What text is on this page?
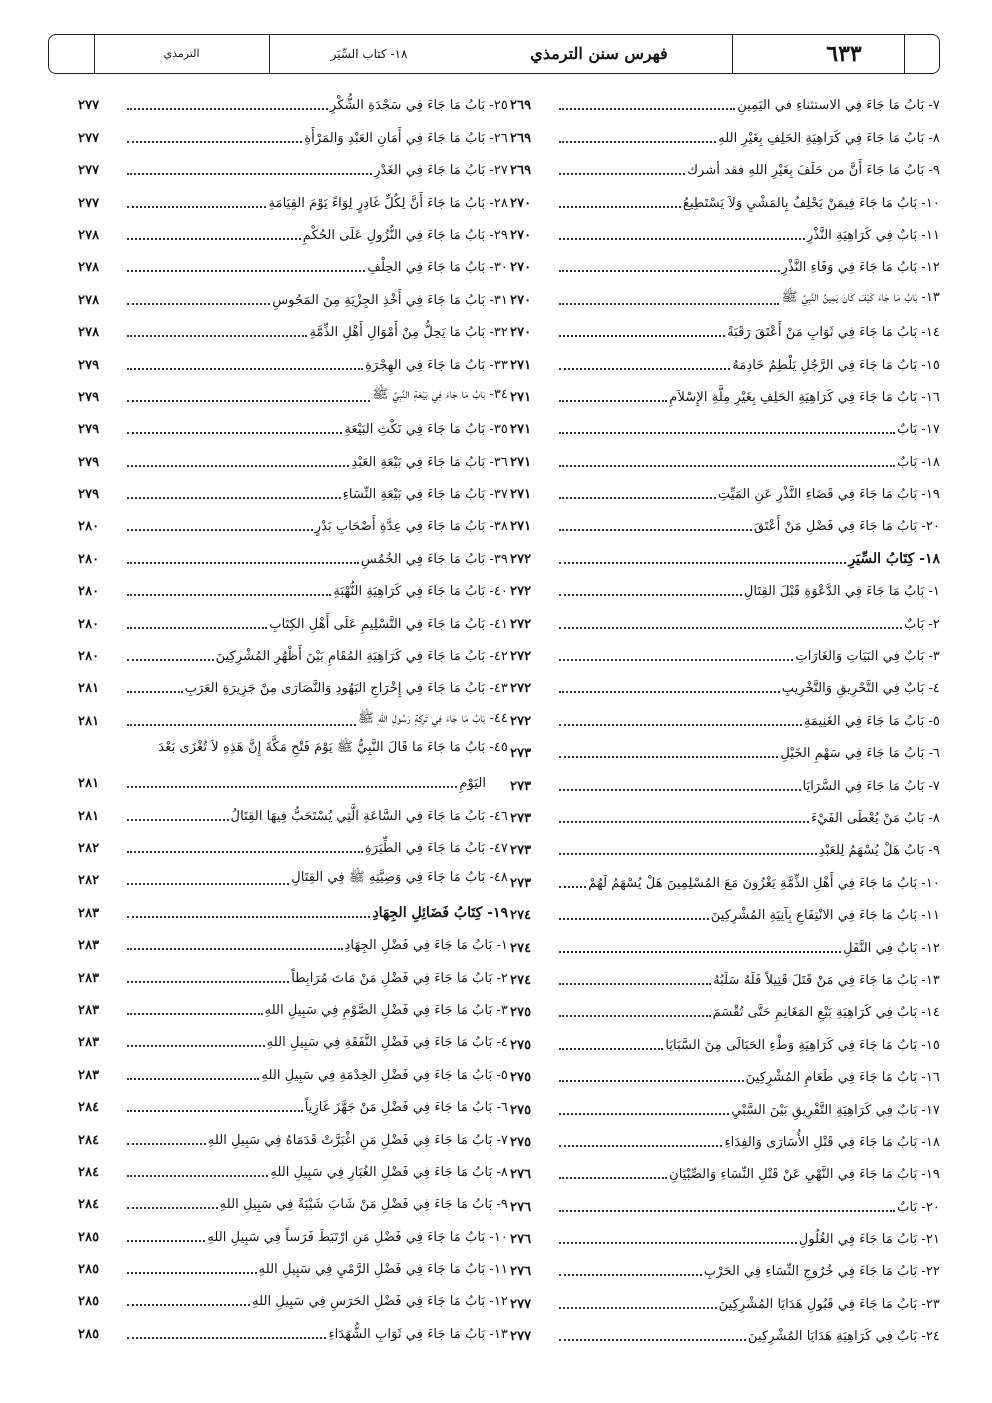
٦٣٣
فهرس سنن الترمذي
١٨- كتاب السِّيَر
الترمذي
٧- بَابُ مَا جَاءَ فِي الاستثناءِ في اليَمِينِ
٢٦٩
٨- بَابُ مَا جَاءَ فِي كَرَاهِيَةِ الحَلِفِ بِغَيْرِ اللهِ
٢٦٩
٩- بَابُ مَا جَاءَ أَنَّ من حَلَفَ بِغَيْرِ اللهِ فقد أشرك
٢٦٩
١٠- بَابُ مَا جَاءَ فِيمَنْ يَحْلِفُ بِالمَشْيِ وَلاَ يَسْتَطِيعُ
٢٧٠
١١- بَابٌ فِي كَرَاهِيَةِ النَّذْرِ
٢٧٠
١٢- بَابُ مَا جَاءَ فِي وَفَاءِ النَّذْرِ
٢٧٠
١٣- بَابُ مَا جَاءَ كَيْفَ كَانَ يَمِينُ النَّبِيِّ ﷺ
٢٧٠
١٤- بَابُ مَا جَاءَ فِي ثَوَابِ مَنْ أَعْتَقَ رَقَبَةً
٢٧٠
١٥- بَابُ مَا جَاءَ فِي الرَّجُلِ يَلْطِمُ خَادِمَهُ
٢٧١
١٦- بَابُ مَا جَاءَ فِي كَرَاهِيَةِ الحَلِفِ بِغَيْرِ مِلَّةِ الإِسْلاَمِ
٢٧١
١٧- بَابٌ
٢٧١
١٨- بَابٌ
٢٧١
١٩- بَابُ مَا جَاءَ فِي قَضَاءِ النَّذْرِ عَنِ المَيِّتِ
٢٧١
٢٠- بَابُ مَا جَاءَ فِي فَضْلِ مَنْ أَعْتَقَ
٢٧١
١٨- كِتَابُ السِّيَرِ
٢٧٢
١- بَابُ مَا جَاءَ فِي الدَّعْوَةِ قَبْلَ القِتَالِ
٢٧٢
٢- بَابٌ
٢٧٢
٣- بَابٌ فِي البَيَاتِ وَالغَارَاتِ
٢٧٢
٤- بَابٌ فِي التَّحْرِيقِ وَالتَّخْرِيبِ
٢٧٢
٥- بَابُ مَا جَاءَ فِي الغَنِيمَةِ
٢٧٢
٦- بَابُ مَا جَاءَ فِي سَهْمِ الخَيْلِ
٢٧٣
٧- بَابُ مَا جَاءَ فِي السَّرَايَا
٢٧٣
٨- بَابُ مَنْ يُعْطَى الفَيْءَ
٢٧٣
٩- بَابُ هَلْ يُسْهَمُ لِلعَبْدِ
٢٧٣
١٠- بَابُ مَا جَاءَ فِي أَهْلِ الذِّمَّةِ يَغْزُونَ مَعَ المُسْلِمِينَ هَلْ يُسْهَمُ لَهُمْ
٢٧٣
١١- بَابُ مَا جَاءَ فِي الانْتِفَاعِ بِآنِيَةِ المُشْرِكِينَ
٢٧٤
١٢- بَابٌ فِي النَّفَلِ
٢٧٤
١٣- بَابُ مَا جَاءَ فِي مَنْ قَتَلَ قَتِيلاً فَلَهُ سَلَبُهُ
٢٧٤
١٤- بَابٌ فِي كَرَاهِيَةِ بَيْعِ المَغَانِمِ حَتَّى تُقْسَمَ
٢٧٥
١٥- بَابُ مَا جَاءَ فِي كَرَاهِيَةِ وَطْءِ الحَبَالَى مِنَ السَّبَايَا
٢٧٥
١٦- بَابُ مَا جَاءَ فِي طَعَامِ المُشْرِكِينَ
٢٧٥
١٧- بَابٌ فِي كَرَاهِيَةِ التَّفْرِيقِ بَيْنَ السَّبْيِ
٢٧٥
١٨- بَابُ مَا جَاءَ فِي قَتْلِ الأُسَارَى وَالفِدَاءِ
٢٧٥
١٩- بَابُ مَا جَاءَ فِي النَّهْيِ عَنْ قَتْلِ النِّسَاءِ وَالصِّبْيَانِ
٢٧٦
٢٠- بَابٌ
٢٧٦
٢١- بَابُ مَا جَاءَ فِي الغُلُولِ
٢٧٦
٢٢- بَابُ مَا جَاءَ فِي خُرُوجِ النِّسَاءِ فِي الحَرْبِ
٢٧٦
٢٣- بَابُ مَا جَاءَ فِي قَبُولِ هَدَايَا المُشْرِكِينَ
٢٧٧
٢٤- بَابٌ فِي كَرَاهِيَةِ هَدَايَا المُشْرِكِينَ
٢٧٧
٢٥- بَابُ مَا جَاءَ فِي سَجْدَةِ الشُّكْرِ
٢٧٧
٢٦- بَابُ مَا جَاءَ فِي أَمَانِ العَبْدِ وَالمَرْأَةِ
٢٧٧
٢٧- بَابُ مَا جَاءَ فِي الغَدْرِ
٢٧٧
٢٨- بَابُ مَا جَاءَ أَنَّ لِكُلِّ غَادِرٍ لِوَاءً يَوْمَ القِيَامَةِ
٢٧٧
٢٩- بَابُ مَا جَاءَ فِي النُّزُولِ عَلَى الحُكْمِ
٢٧٨
٣٠- بَابُ مَا جَاءَ فِي الحِلْفِ
٢٧٨
٣١- بَابُ مَا جَاءَ فِي أَخْذِ الجِزْيَةِ مِنَ المَجُوسِ
٢٧٨
٣٢- بَابُ مَا يَحِلُّ مِنْ أَمْوَالِ أَهْلِ الذِّمَّةِ
٢٧٨
٣٣- بَابُ مَا جَاءَ فِي الهِجْرَةِ
٢٧٩
٣٤- بَابُ مَا جَاءَ فِي بَيْعَةِ النَّبِيِّ ﷺ
٢٧٩
٣٥- بَابُ مَا جَاءَ فِي نَكْثِ البَيْعَةِ
٢٧٩
٣٦- بَابُ مَا جَاءَ فِي بَيْعَةِ العَبْدِ
٢٧٩
٣٧- بَابُ مَا جَاءَ فِي بَيْعَةِ النِّسَاءِ
٢٧٩
٣٨- بَابُ مَا جَاءَ فِي عِدَّةِ أَصْحَابِ بَدْرٍ
٢٨٠
٣٩- بَابُ مَا جَاءَ فِي الخُمُسِ
٢٨٠
٤٠- بَابُ مَا جَاءَ فِي كَرَاهِيَةِ النُّهْبَةِ
٢٨٠
٤١- بَابُ مَا جَاءَ فِي التَّسْلِيمِ عَلَى أَهْلِ الكِتَابِ
٢٨٠
٤٢- بَابُ مَا جَاءَ فِي كَرَاهِيَةِ المُقَامِ بَيْنَ أَظْهُرِ المُشْرِكِينَ
٢٨٠
٤٣- بَابُ مَا جَاءَ فِي إِخْرَاجِ اليَهُودِ وَالنَّصَارَى مِنْ جَزِيرَةِ العَرَبِ
٢٨١
٤٤- بَابُ مَا جَاءَ فِي تَرِكَةِ رَسُولِ اللهِ ﷺ
٢٨١
٤٥- بَابُ مَا جَاءَ مَا قَالَ النَّبِيُّ ﷺ يَوْمَ فَتْحِ مَكَّةَ إِنَّ هَذِهِ لاَ تُغْزَى بَعْدَ
اليَوْمِ
٢٨١
٤٦- بَابُ مَا جَاءَ فِي السَّاعَةِ الَّتِي يُسْتَحَبُّ فِيهَا القِتَالُ
٢٨١
٤٧- بَابُ مَا جَاءَ فِي الطِّيَرَةِ
٢٨٢
٤٨- بَابُ مَا جَاءَ فِي وَصِيَّتِهِ ﷺ فِي القِتَالِ
٢٨٢
١٩- كِتَابُ فَضَائِلِ الجِهَادِ
٢٨٣
١- بَابُ مَا جَاءَ فِي فَضْلِ الجِهَادِ
٢٨٣
٢- بَابُ مَا جَاءَ فِي فَضْلِ مَنْ مَاتَ مُرَابِطاً
٢٨٣
٣- بَابُ مَا جَاءَ فِي فَضْلِ الصَّوْمِ فِي سَبِيلِ اللهِ
٢٨٣
٤- بَابُ مَا جَاءَ فِي فَضْلِ النَّفَقَةِ فِي سَبِيلِ اللهِ
٢٨٣
٥- بَابُ مَا جَاءَ فِي فَضْلِ الخِدْمَةِ فِي سَبِيلِ اللهِ
٢٨٣
٦- بَابُ مَا جَاءَ فِي فَضْلِ مَنْ جَهَّزَ غَازِياً
٢٨٤
٧- بَابُ مَا جَاءَ فِي فَضْلِ مَنِ اغْبَرَّتْ قَدَمَاهُ فِي سَبِيلِ اللهِ
٢٨٤
٨- بَابُ مَا جَاءَ فِي فَضْلِ الغُبَارِ فِي سَبِيلِ اللهِ
٢٨٤
٩- بَابُ مَا جَاءَ فِي فَضْلِ مَنْ شَابَ شَيْبَةً فِي سَبِيلِ اللهِ
٢٨٤
١٠- بَابُ مَا جَاءَ فِي فَضْلِ مَنِ ارْتَبَطَ فَرَساً فِي سَبِيلِ اللهِ
٢٨٥
١١- بَابُ مَا جَاءَ فِي فَضْلِ الرَّمْيِ فِي سَبِيلِ اللهِ
٢٨٥
١٢- بَابُ مَا جَاءَ فِي فَضْلِ الحَرَسِ فِي سَبِيلِ اللهِ
٢٨٥
١٣- بَابُ مَا جَاءَ فِي ثَوَابِ الشُّهَدَاءِ
٢٨٥
